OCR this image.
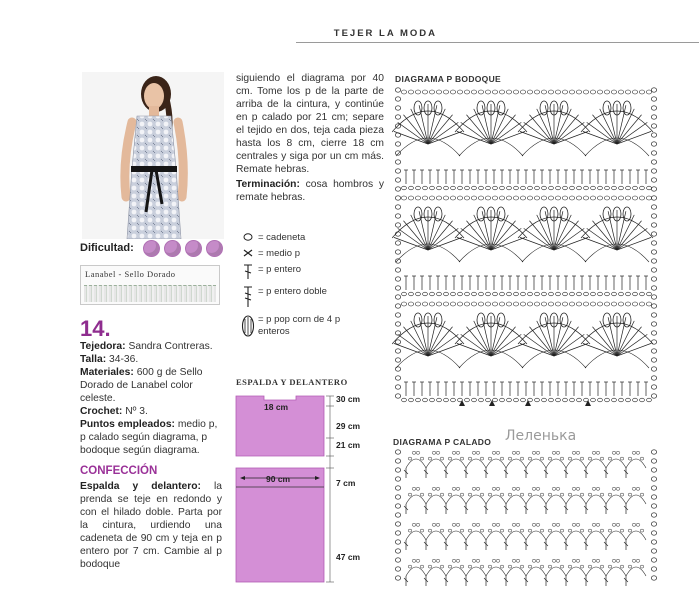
TEJER LA MODA
Dificultad:
Lanabel - Sello Dorado
14.
Tejedora: Sandra Contreras.
Talla: 34-36.
Materiales: 600 g de Sello Dorado de Lanabel color celeste.
Crochet: Nº 3.
Puntos empleados: medio p, p calado según diagrama, p bodoque según diagrama.
CONFECCIÓN
Espalda y delantero: la prenda se teje en redondo y con el hilado doble. Parta por la cintura, urdiendo una cadeneta de 90 cm y teja en p entero por 7 cm. Cambie al p bodoque
siguiendo el diagrama por 40 cm. Tome los p de la parte de arriba de la cintura, y continúe en p calado por 21 cm; separe el tejido en dos, teja cada pieza hasta los 8 cm, cierre 18 cm centrales y siga por un cm más. Remate hebras.
Terminación: cosa hombros y remate hebras.
= cadeneta
= medio p
= p entero
= p entero doble
= p pop corn de 4 p enteros
ESPALDA Y DELANTERO
18 cm
90 cm
30 cm
29 cm
21 cm
7 cm
47 cm
DIAGRAMA P BODOQUE
Леленька
DIAGRAMA P CALADO
